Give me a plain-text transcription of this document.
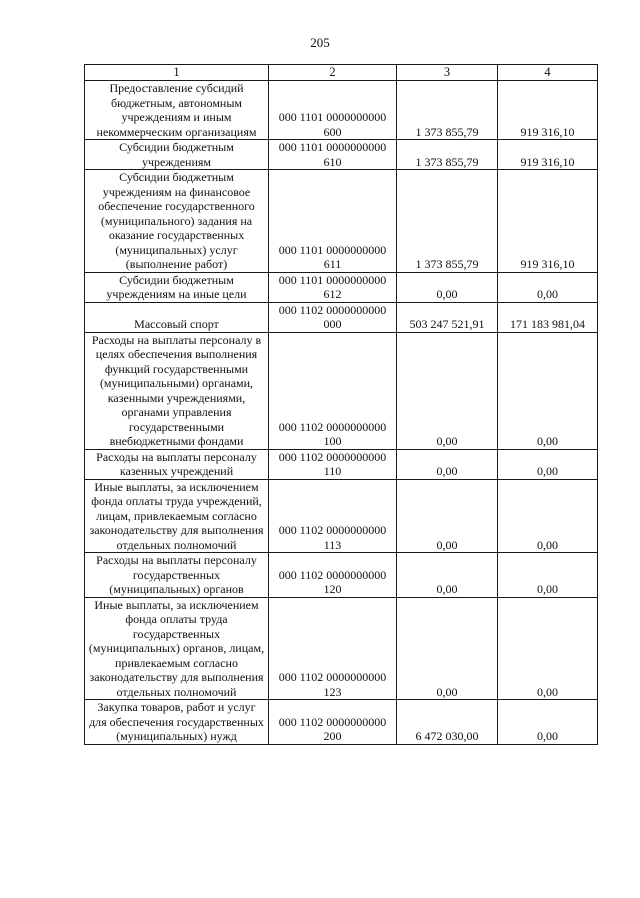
205
1	2	3	4
Предоставление субсидий бюджетным, автономным учреждениям и иным некоммерческим организациям	000 1101 0000000000 600	1 373 855,79	919 316,10
Субсидии бюджетным учреждениям	000 1101 0000000000 610	1 373 855,79	919 316,10
Субсидии бюджетным учреждениям на финансовое обеспечение государственного (муниципального) задания на оказание государственных (муниципальных) услуг (выполнение работ)	000 1101 0000000000 611	1 373 855,79	919 316,10
Субсидии бюджетным учреждениям на иные цели	000 1101 0000000000 612	0,00	0,00
Массовый спорт	000 1102 0000000000 000	503 247 521,91	171 183 981,04
Расходы на выплаты персоналу в целях обеспечения выполнения функций государственными (муниципальными) органами, казенными учреждениями, органами управления государственными внебюджетными фондами	000 1102 0000000000 100	0,00	0,00
Расходы на выплаты персоналу казенных учреждений	000 1102 0000000000 110	0,00	0,00
Иные выплаты, за исключением фонда оплаты труда учреждений, лицам, привлекаемым согласно законодательству для выполнения отдельных полномочий	000 1102 0000000000 113	0,00	0,00
Расходы на выплаты персоналу государственных (муниципальных) органов	000 1102 0000000000 120	0,00	0,00
Иные выплаты, за исключением фонда оплаты труда государственных (муниципальных) органов, лицам, привлекаемым согласно законодательству для выполнения отдельных полномочий	000 1102 0000000000 123	0,00	0,00
Закупка товаров, работ и услуг для обеспечения государственных (муниципальных) нужд	000 1102 0000000000 200	6 472 030,00	0,00
